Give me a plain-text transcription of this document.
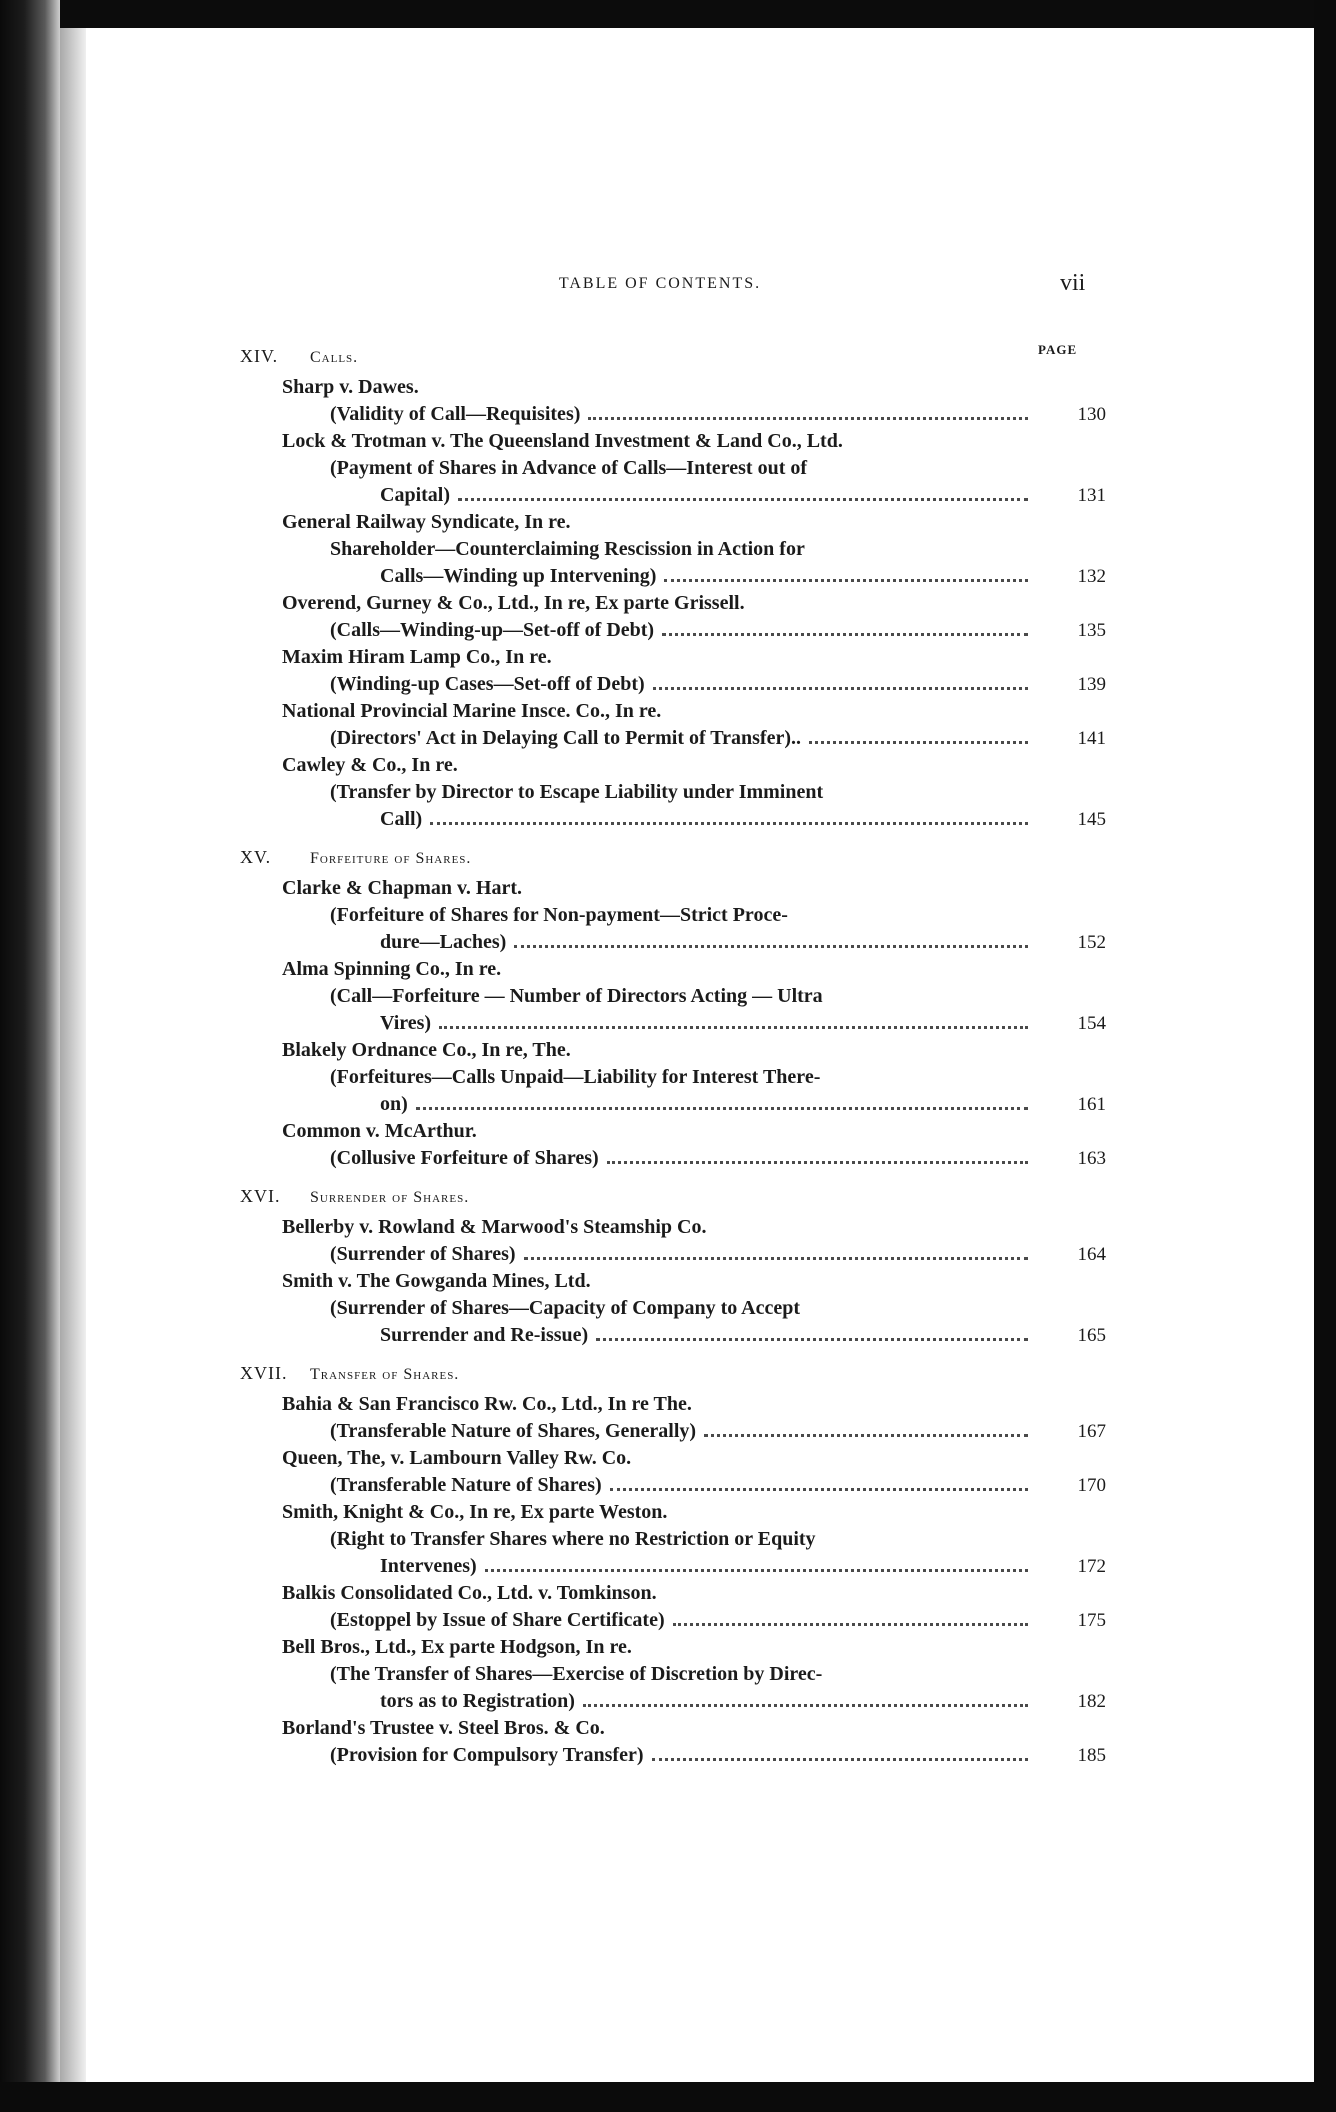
TABLE OF CONTENTS.	vii
PAGE
XIV. Calls.
Sharp v. Dawes.
(Validity of Call—Requisites)	130
Lock & Trotman v. The Queensland Investment & Land Co., Ltd.
(Payment of Shares in Advance of Calls—Interest out of
Capital)	131
General Railway Syndicate, In re.
Shareholder—Counterclaiming Rescission in Action for
Calls—Winding up Intervening)	132
Overend, Gurney & Co., Ltd., In re, Ex parte Grissell.
(Calls—Winding-up—Set-off of Debt)	135
Maxim Hiram Lamp Co., In re.
(Winding-up Cases—Set-off of Debt)	139
National Provincial Marine Insce. Co., In re.
(Directors' Act in Delaying Call to Permit of Transfer)..	141
Cawley & Co., In re.
(Transfer by Director to Escape Liability under Imminent
Call)	145
XV. Forfeiture of Shares.
Clarke & Chapman v. Hart.
(Forfeiture of Shares for Non-payment—Strict Proce-
dure—Laches)	152
Alma Spinning Co., In re.
(Call—Forfeiture — Number of Directors Acting — Ultra
Vires)	154
Blakely Ordnance Co., In re, The.
(Forfeitures—Calls Unpaid—Liability for Interest There-
on)	161
Common v. McArthur.
(Collusive Forfeiture of Shares)	163
XVI. Surrender of Shares.
Bellerby v. Rowland & Marwood's Steamship Co.
(Surrender of Shares)	164
Smith v. The Gowganda Mines, Ltd.
(Surrender of Shares—Capacity of Company to Accept
Surrender and Re-issue)	165
XVII. Transfer of Shares.
Bahia & San Francisco Rw. Co., Ltd., In re The.
(Transferable Nature of Shares, Generally)	167
Queen, The, v. Lambourn Valley Rw. Co.
(Transferable Nature of Shares)	170
Smith, Knight & Co., In re, Ex parte Weston.
(Right to Transfer Shares where no Restriction or Equity
Intervenes)	172
Balkis Consolidated Co., Ltd. v. Tomkinson.
(Estoppel by Issue of Share Certificate)	175
Bell Bros., Ltd., Ex parte Hodgson, In re.
(The Transfer of Shares—Exercise of Discretion by Direc-
tors as to Registration)	182
Borland's Trustee v. Steel Bros. & Co.
(Provision for Compulsory Transfer)	185
